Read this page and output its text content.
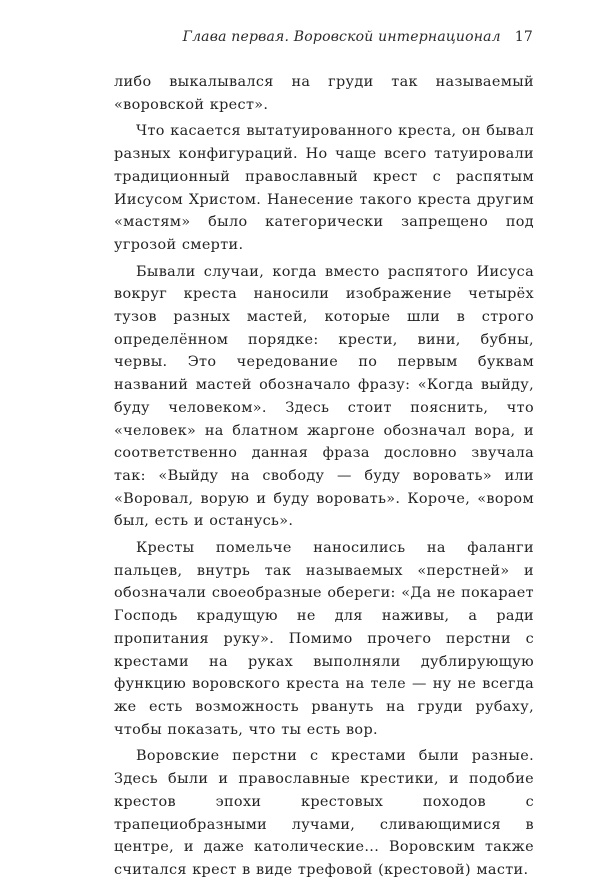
Глава первая. Воровской интернационал 17

либо выкалывался на груди так называемый «воровской крест».

Что касается вытатуированного креста, он бывал разных конфигураций. Но чаще всего татуировали традиционный православный крест с распятым Иисусом Христом. Нанесение такого креста другим «мастям» было категорически запрещено под угрозой смерти.

Бывали случаи, когда вместо распятого Иисуса вокруг креста наносили изображение четырёх тузов разных мастей, которые шли в строго определённом порядке: крести, вини, бубны, червы. Это чередование по первым буквам названий мастей обозначало фразу: «Когда выйду, буду человеком». Здесь стоит пояснить, что «человек» на блатном жаргоне обозначал вора, и соответственно данная фраза дословно звучала так: «Выйду на свободу — буду воровать» или «Воровал, ворую и буду воровать». Короче, «вором был, есть и останусь».

Кресты помельче наносились на фаланги пальцев, внутрь так называемых «перстней» и обозначали своеобразные обереги: «Да не покарает Господь крадущую не для наживы, а ради пропитания руку». Помимо прочего перстни с крестами на руках выполняли дублирующую функцию воровского креста на теле — ну не всегда же есть возможность рвануть на груди рубаху, чтобы показать, что ты есть вор.

Воровские перстни с крестами были разные. Здесь были и православные крестики, и подобие крестов эпохи крестовых походов с трапециобразными лучами, сливающимися в центре, и даже католические... Воровским также считался крест в виде трефовой (крестовой) масти.
